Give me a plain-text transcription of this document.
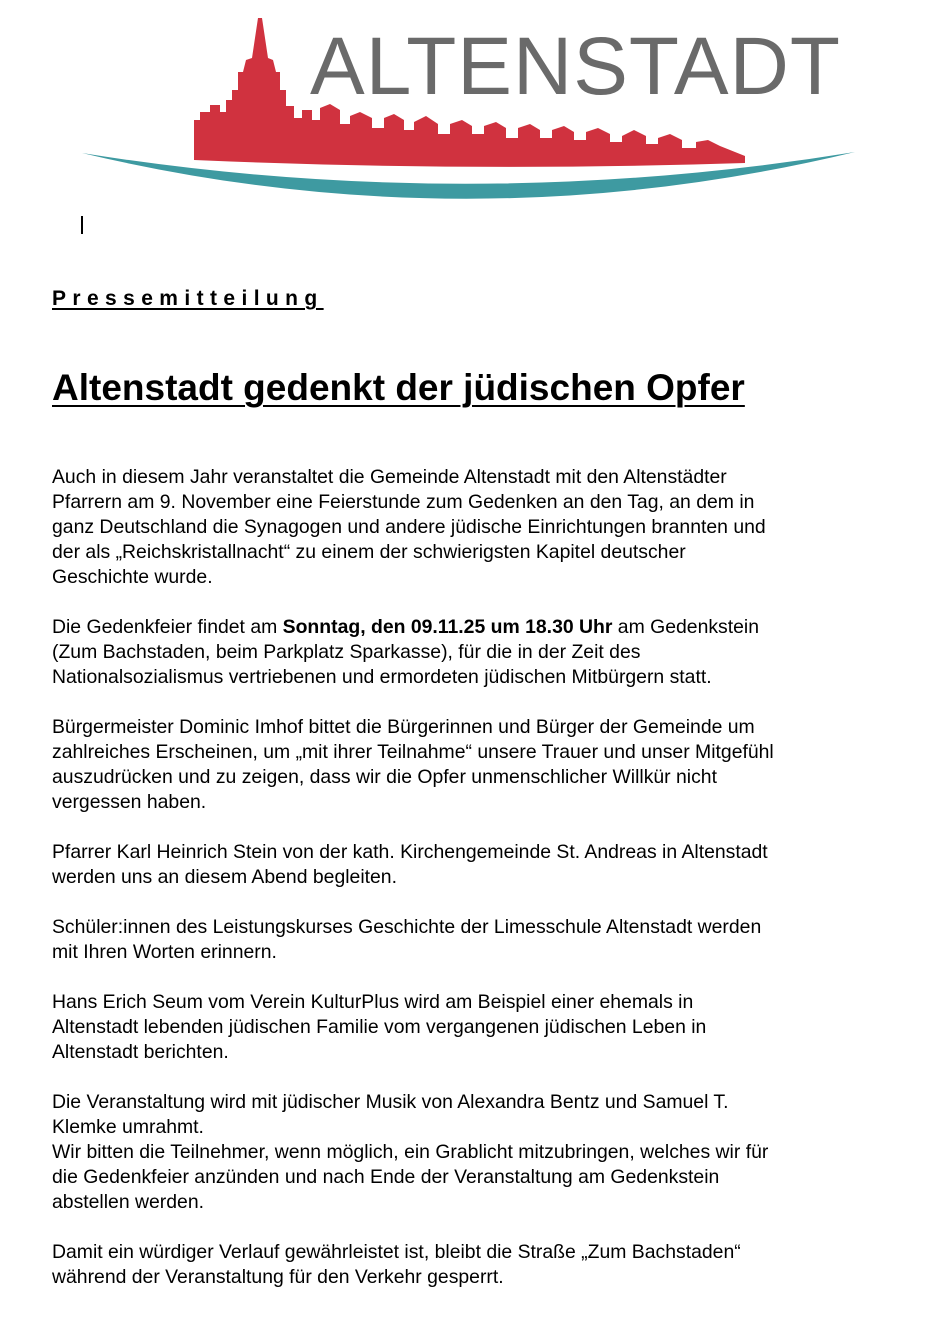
ALTENSTADT
Pressemitteilung
Altenstadt gedenkt der jüdischen Opfer

Auch in diesem Jahr veranstaltet die Gemeinde Altenstadt mit den Altenstädter
Pfarrern am 9. November eine Feierstunde zum Gedenken an den Tag, an dem in
ganz Deutschland die Synagogen und andere jüdische Einrichtungen brannten und
der als „Reichskristallnacht“ zu einem der schwierigsten Kapitel deutscher
Geschichte wurde.

Die Gedenkfeier findet am Sonntag, den 09.11.25 um 18.30 Uhr am Gedenkstein
(Zum Bachstaden, beim Parkplatz Sparkasse), für die in der Zeit des
Nationalsozialismus vertriebenen und ermordeten jüdischen Mitbürgern statt.

Bürgermeister Dominic Imhof bittet die Bürgerinnen und Bürger der Gemeinde um
zahlreiches Erscheinen, um „mit ihrer Teilnahme“ unsere Trauer und unser Mitgefühl
auszudrücken und zu zeigen, dass wir die Opfer unmenschlicher Willkür nicht
vergessen haben.

Pfarrer Karl Heinrich Stein von der kath. Kirchengemeinde St. Andreas in Altenstadt
werden uns an diesem Abend begleiten.

Schüler:innen des Leistungskurses Geschichte der Limesschule Altenstadt werden
mit Ihren Worten erinnern.

Hans Erich Seum vom Verein KulturPlus wird am Beispiel einer ehemals in
Altenstadt lebenden jüdischen Familie vom vergangenen jüdischen Leben in
Altenstadt berichten.

Die Veranstaltung wird mit jüdischer Musik von Alexandra Bentz und Samuel T.
Klemke umrahmt.
Wir bitten die Teilnehmer, wenn möglich, ein Grablicht mitzubringen, welches wir für
die Gedenkfeier anzünden und nach Ende der Veranstaltung am Gedenkstein
abstellen werden.

Damit ein würdiger Verlauf gewährleistet ist, bleibt die Straße „Zum Bachstaden“
während der Veranstaltung für den Verkehr gesperrt.
